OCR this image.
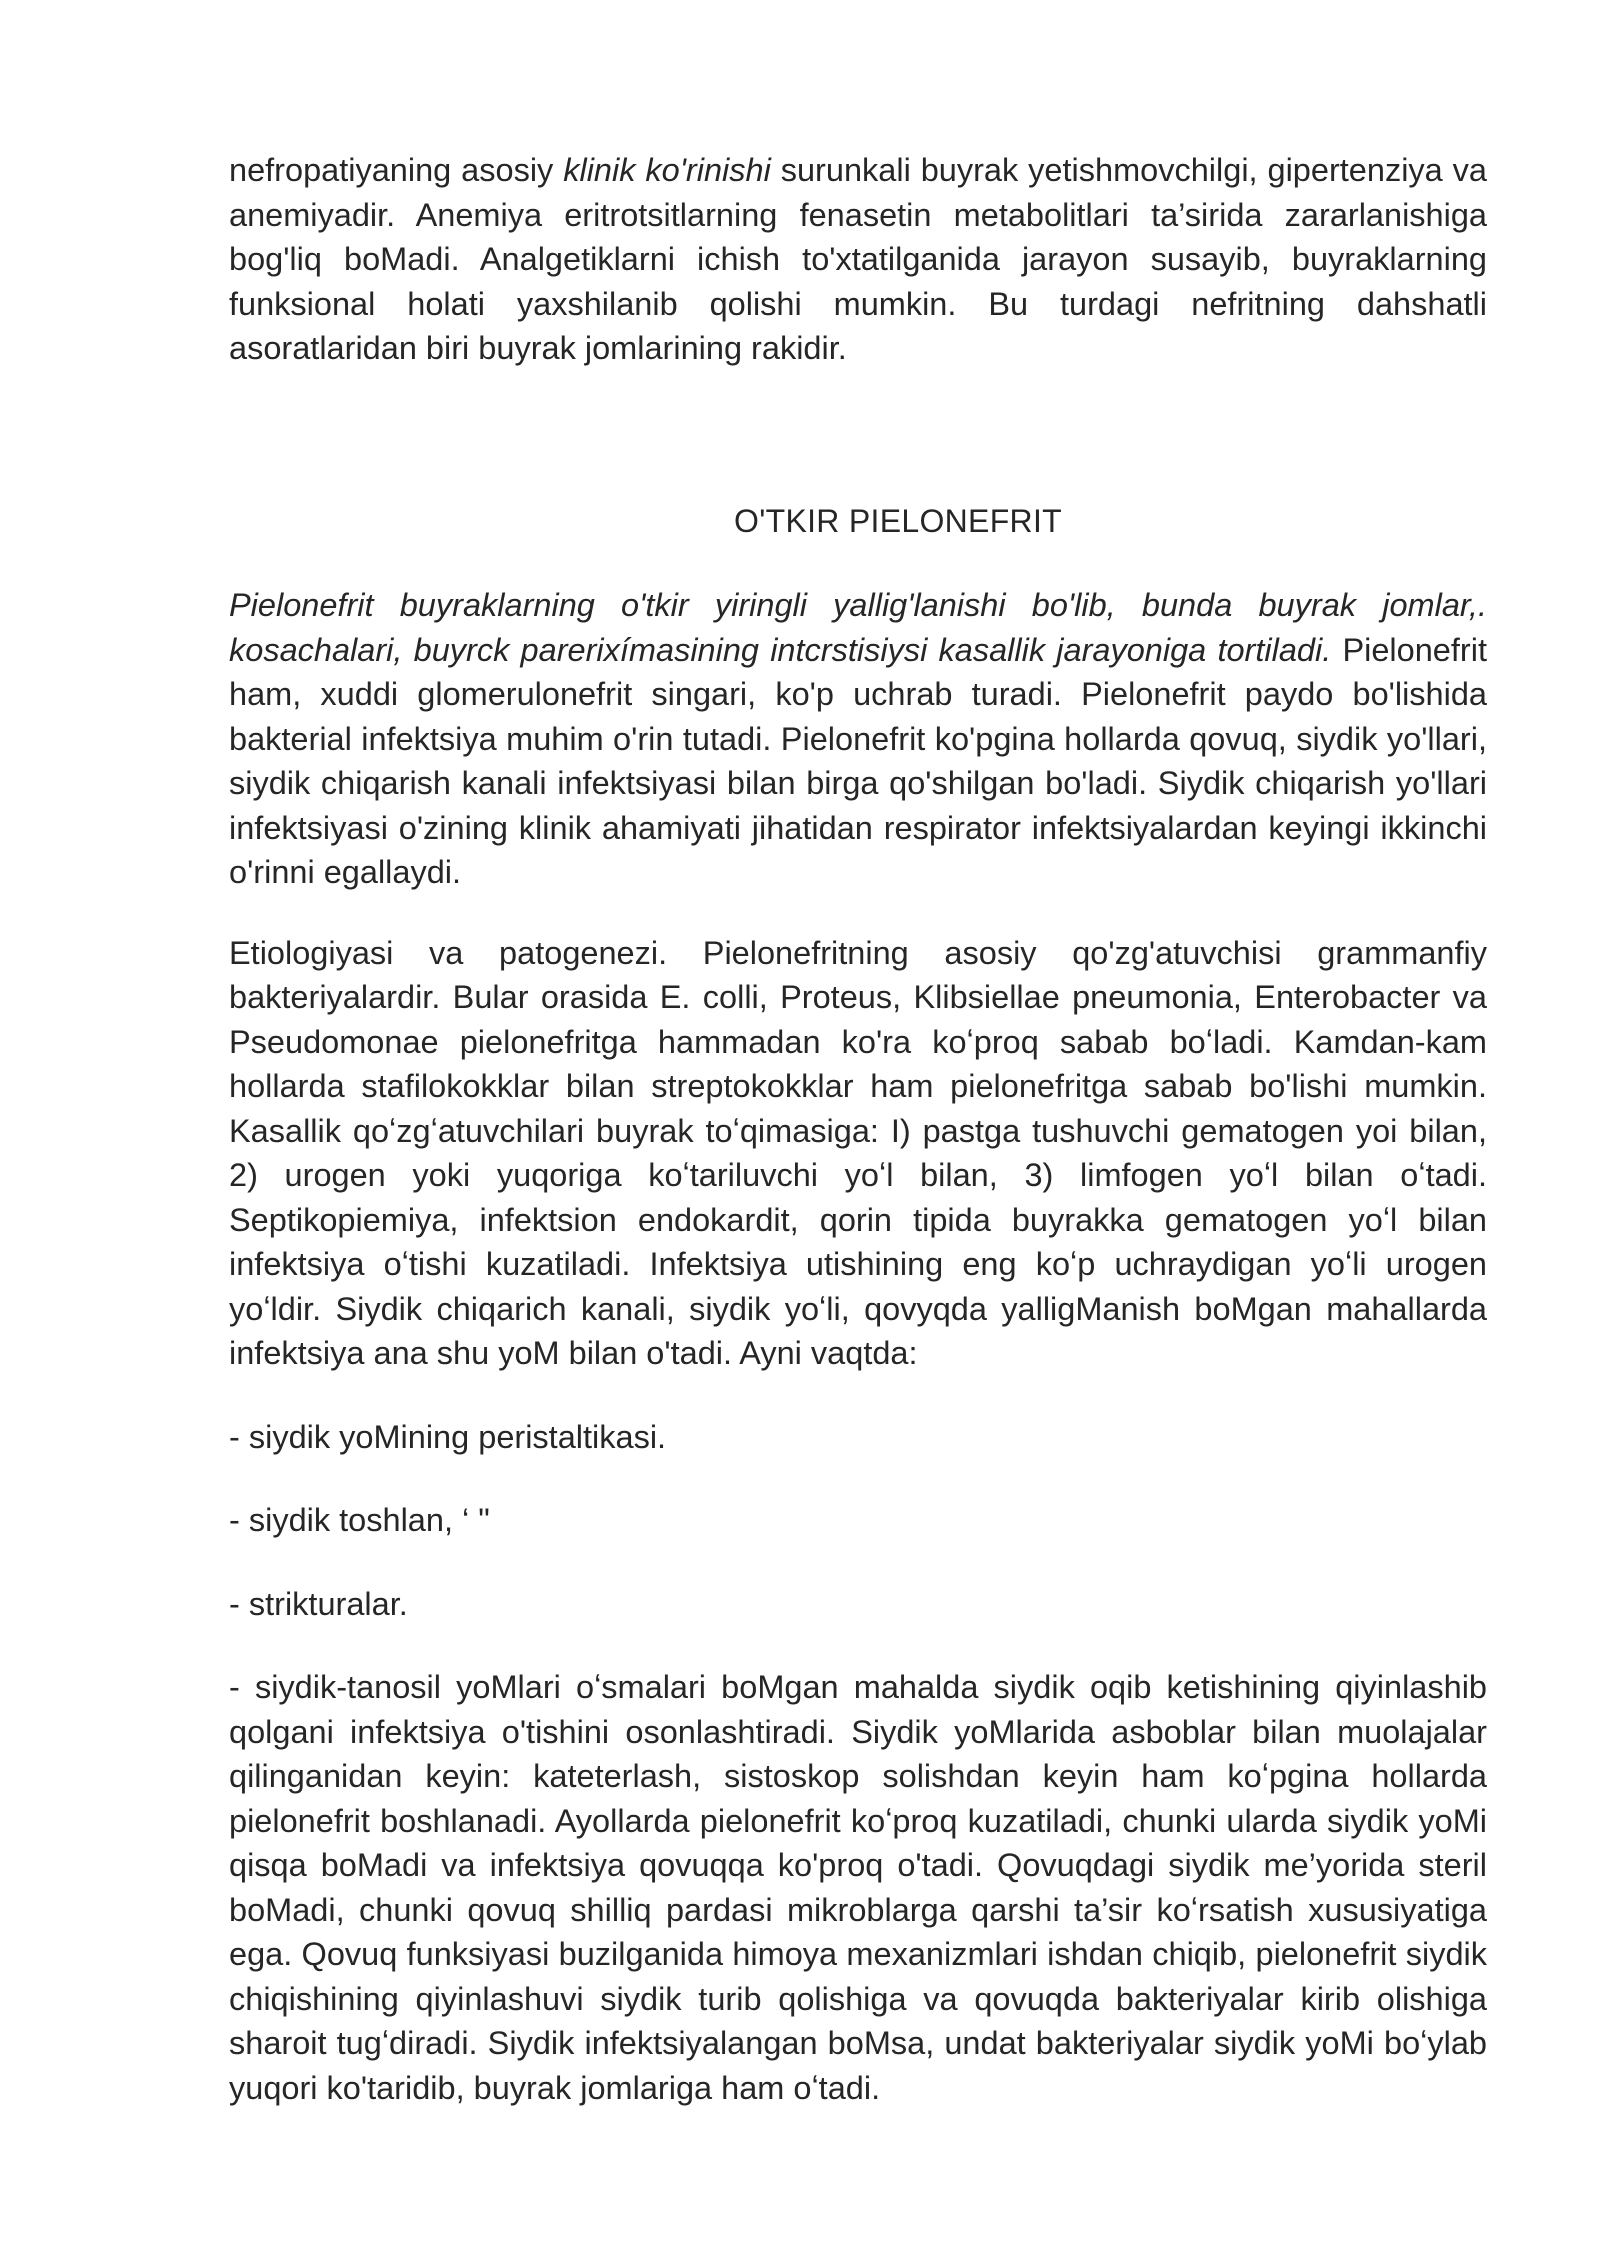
nefropatiyaning asosiy klinik ko'rinishi surunkali buyrak yetishmovchilgi, gipertenziya va anemiyadir. Anemiya eritrotsitlarning fenasetin metabolitlari ta’sirida zararlanishiga bog'liq boMadi. Analgetiklarni ichish to'xtatilganida jarayon susayib, buyraklarning funksional holati yaxshilanib qolishi mumkin. Bu turdagi nefritning dahshatli asoratlaridan biri buyrak jomlarining rakidir.

O'TKIR PIELONEFRIT

Pielonefrit buyraklarning o'tkir yiringli yallig'lanishi bo'lib, bunda buyrak jomlar,. kosachalari, buyrck parerixímasining intcrstisiysi kasallik jarayoniga tortiladi. Pielonefrit ham, xuddi glomerulonefrit singari, ko'p uchrab turadi. Pielonefrit paydo bo'lishida bakterial infektsiya muhim o'rin tutadi. Pielonefrit ko'pgina hollarda qovuq, siydik yo'llari, siydik chiqarish kanali infektsiyasi bilan birga qo'shilgan bo'ladi. Siydik chiqarish yo'llari infektsiyasi o'zining klinik ahamiyati jihatidan respirator infektsiyalardan keyingi ikkinchi o'rinni egallaydi.

Etiologiyasi va patogenezi. Pielonefritning asosiy qo'zg'atuvchisi grammanfiy bakteriyalardir. Bular orasida E. colli, Proteus, Klibsiellae pneumonia, Enterobacter va Pseudomonae pielonefritga hammadan ko'ra koʻproq sabab boʻladi. Kamdan-kam hollarda stafilokokklar bilan streptokokklar ham pielonefritga sabab bo'lishi mumkin. Kasallik qoʻzgʻatuvchilari buyrak toʻqimasiga: I) pastga tushuvchi gematogen yoi bilan, 2) urogen yoki yuqoriga koʻtariluvchi yoʻl bilan, 3) limfogen yoʻl bilan oʻtadi. Septikopiemiya, infektsion endokardit, qorin tipida buyrakka gematogen yoʻl bilan infektsiya oʻtishi kuzatiladi. Infektsiya utishining eng koʻp uchraydigan yoʻli urogen yoʻldir. Siydik chiqarich kanali, siydik yoʻli, qovyqda yalligManish boMgan mahallarda infektsiya ana shu yoM bilan o'tadi. Ayni vaqtda:

- siydik yoMining peristaltikasi.

- siydik toshlan, ‘ "

- strikturalar.

- siydik-tanosil yoMlari oʻsmalari boMgan mahalda siydik oqib ketishining qiyinlashib qolgani infektsiya o'tishini osonlashtiradi. Siydik yoMlarida asboblar bilan muolajalar qilinganidan keyin: kateterlash, sistoskop solishdan keyin ham koʻpgina hollarda pielonefrit boshlanadi. Ayollarda pielonefrit koʻproq kuzatiladi, chunki ularda siydik yoMi qisqa boMadi va infektsiya qovuqqa ko'proq o'tadi. Qovuqdagi siydik me’yorida steril boMadi, chunki qovuq shilliq pardasi mikroblarga qarshi ta’sir koʻrsatish xususiyatiga ega. Qovuq funksiyasi buzilganida himoya mexanizmlari ishdan chiqib, pielonefrit siydik chiqishining qiyinlashuvi siydik turib qolishiga va qovuqda bakteriyalar kirib olishiga sharoit tugʻdiradi. Siydik infektsiyalangan boMsa, undat bakteriyalar siydik yoMi boʻylab yuqori ko'taridib, buyrak jomlariga ham oʻtadi.
